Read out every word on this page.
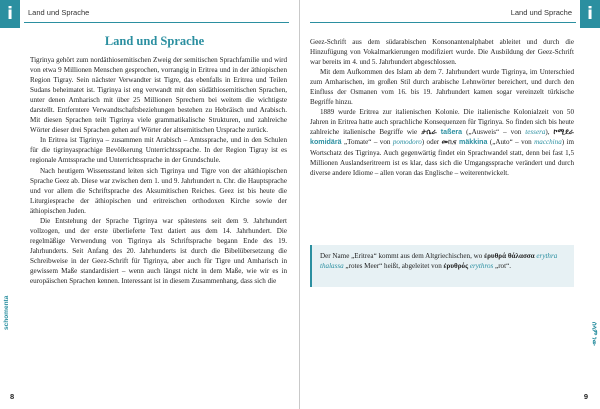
i	Land und Sprache
Land und Sprache

Tigrinya gehört zum nordäthiosemitischen Zweig der semitischen Sprachfamilie und wird von etwa 9 Millionen Menschen gesprochen, vorrangig in Eritrea und in der äthiopischen Region Tigray. Sein nächster Verwandter ist Tigre, das ebenfalls in Eritrea und Teilen Sudans beheimatet ist. Tigrinya ist eng verwandt mit den südäthiosemitischen Sprachen, unter denen Amharisch mit über 25 Millionen Sprechern bei weitem die wichtigste darstellt. Entferntere Verwandtschaftsbeziehungen bestehen zu Hebräisch und Arabisch. Mit diesen Sprachen teilt Tigrinya viele grammatikalische Strukturen, und zahlreiche Wörter dieser drei Sprachen gehen auf Wörter der altsemitischen Ursprache zurück.

In Eritrea ist Tigrinya – zusammen mit Arabisch – Amtssprache, und in den Schulen für die tigrinyasprachige Bevölkerung Unterrichtssprache. In der Region Tigray ist es regionale Amtssprache und Unterrichtssprache in der Grundschule.

Nach heutigem Wissensstand leiten sich Tigrinya und Tigre von der altäthiopischen Sprache Geez ab. Diese war zwischen dem 1. und 9. Jahrhundert n. Chr. die Hauptsprache und vor allem die Schriftsprache des Aksumitischen Reiches. Geez ist bis heute die Liturgiesprache der äthiopischen und eritreischen orthodoxen Kirche sowie der äthiopischen Juden.

Die Entstehung der Sprache Tigrinya war spätestens seit dem 9. Jahrhundert vollzogen, und der erste überlieferte Text datiert aus dem 14. Jahrhundert. Die regelmäßige Verwendung von Tigrinya als Schriftsprache begann Ende des 19. Jahrhunderts. Seit Anfang des 20. Jahrhunderts ist durch die Bibelübersetzung die Schreibweise in der Geez-Schrift für Tigrinya, aber auch für Tigre und Amharisch in gewissem Maße standardisiert – wenn auch längst nicht in dem Maße, wie wir es in europäischen Sprachen kennen. Interessant ist in diesem Zusammenhang, dass sich die

schomenta
8
i
Land und Sprache

Geez-Schrift aus dem südarabischen Konsonantenalphabet ableitet und durch die Hinzufügung von Vokalmarkierungen modifiziert wurde. Die Ausbildung der Geez-Schrift war bereits im 4. und 5. Jahrhundert abgeschlossen.

Mit dem Aufkommen des Islam ab dem 7. Jahrhundert wurde Tigrinya, im Unterschied zum Amharischen, im großen Stil durch arabische Lehnwörter bereichert, und durch den Einfluss der Osmanen vom 16. bis 19. Jahrhundert kamen sogar vereinzelt türkische Begriffe hinzu.

1889 wurde Eritrea zur italienischen Kolonie. Die italienische Kolonialzeit von 50 Jahren in Eritrea hatte auch sprachliche Konsequenzen für Tigrinya. So finden sich bis heute zahlreiche italienische Begriffe wie ታሴራ taßera („Ausweis“ – von tessera), ኮሚደራ komidärä „Tomate“ – von pomodoro) oder መኪና mäkkina („Auto“ – von macchina) im Wortschatz des Tigrinya. Auch gegenwärtig findet ein Sprachwandel statt, denn bei fast 1,5 Millionen Auslandseritreern ist es klar, dass sich die Umgangssprache verändert und durch diverse andere Idiome – allen voran das Englische – weiterentwickelt.

Der Name „Eritrea“ kommt aus dem Altgriechischen, wo ἐρυθρά θάλασσα erythra thalassa „rotes Meer“ heißt, abgeleitet von ἐρυθρός erythros „rot“.
ሰላም ነው
9
